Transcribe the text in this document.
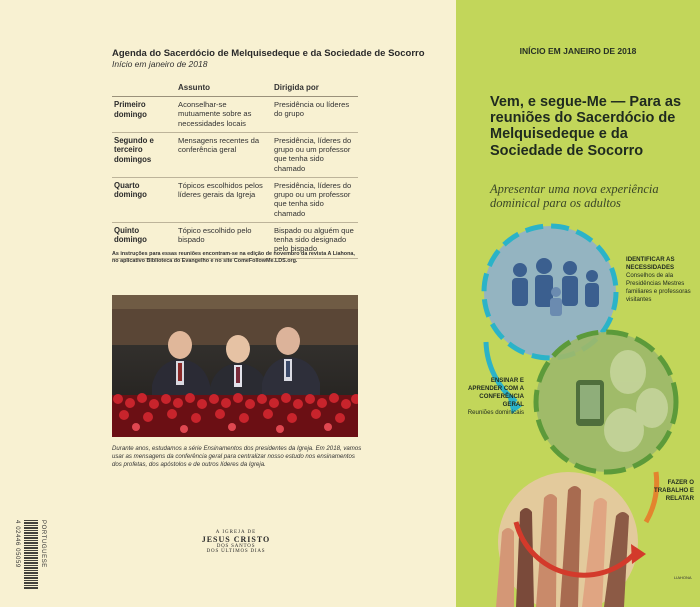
Agenda do Sacerdócio de Melquisedeque e da Sociedade de Socorro
Início em janeiro de 2018
	Assunto	Dirigida por
Primeiro domingo	Aconselhar-se mutuamente sobre as necessidades locais	Presidência ou líderes do grupo
Segundo e terceiro domingos	Mensagens recentes da conferência geral	Presidência, líderes do grupo ou um professor que tenha sido chamado
Quarto domingo	Tópicos escolhidos pelos líderes gerais da Igreja	Presidência, líderes do grupo ou um professor que tenha sido chamado
Quinto domingo	Tópico escolhido pelo bispado	Bispado ou alguém que tenha sido designado pelo bispado
As instruções para essas reuniões encontram-se na edição de novembro da revista A Liahona, no aplicativo Biblioteca do Evangelho e no site ComeFollowMe.LDS.org.
Durante anos, estudamos a série Ensinamentos dos presidentes da Igreja. Em 2018, vamos usar as mensagens da conferência geral para centralizar nosso estudo nos ensinamentos dos profetas, dos apóstolos e de outros líderes da Igreja.
A IGREJA DE
JESUS CRISTO
DOS SANTOS
DOS ÚLTIMOS DIAS
4 02446 05059	PORTUGUESE
INÍCIO EM JANEIRO DE 2018
Vem, e segue-Me — Para as reuniões do Sacerdócio de Melquisedeque e da Sociedade de Socorro
Apresentar uma nova experiência dominical para os adultos
IDENTIFICAR AS NECESSIDADES
Conselhos de ala Presidências Mestres familiares e professoras visitantes
ENSINAR E APRENDER COM A CONFERÊNCIA GERAL
Reuniões dominicais
FAZER O TRABALHO E RELATAR
LIAHONA
